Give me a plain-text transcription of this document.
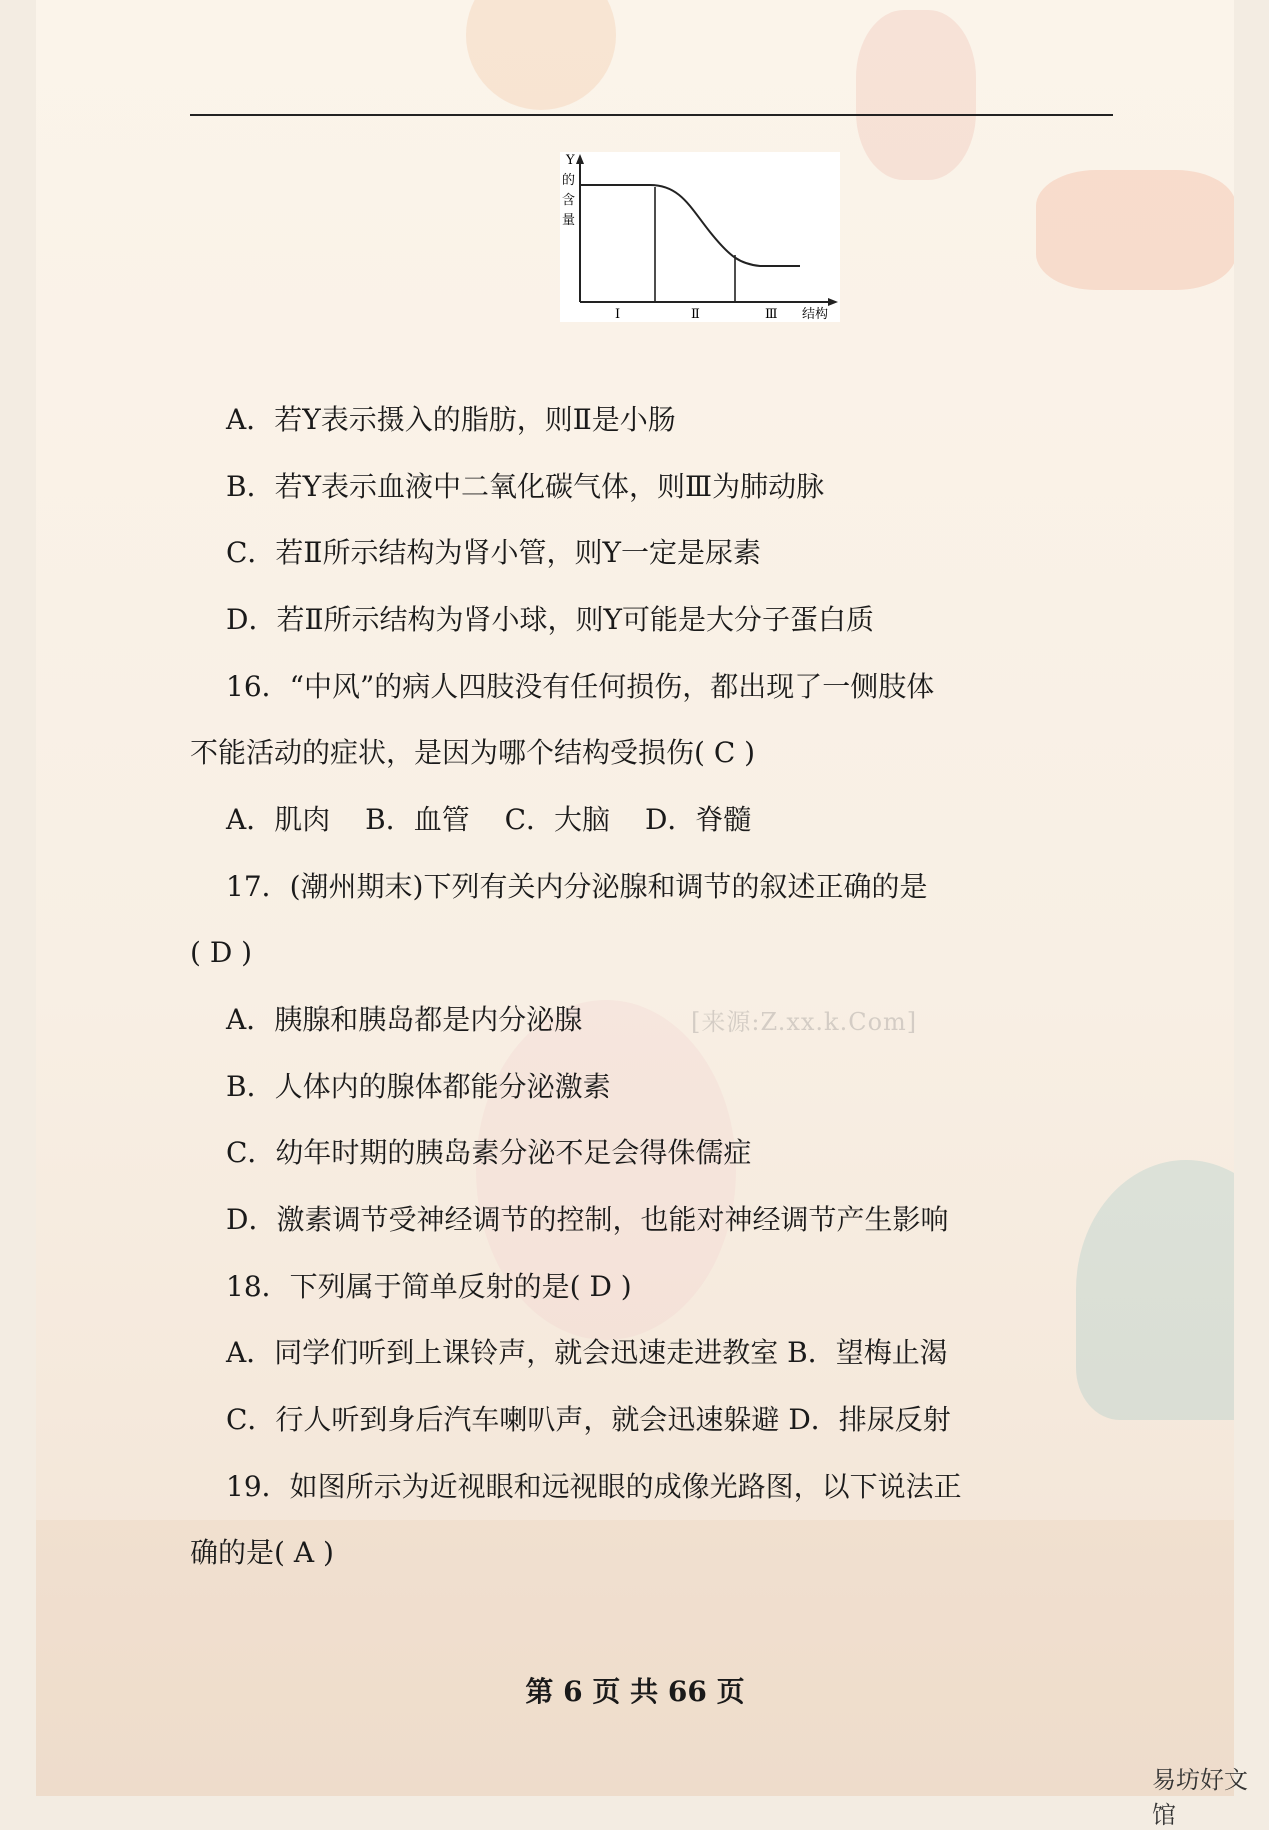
Y
的
含
量
Ⅰ	Ⅱ	Ⅲ 结构
A．若Y表示摄入的脂肪，则Ⅱ是小肠
B．若Y表示血液中二氧化碳气体，则Ⅲ为肺动脉
C．若Ⅱ所示结构为肾小管，则Y一定是尿素
D．若Ⅱ所示结构为肾小球，则Y可能是大分子蛋白质
16．“中风”的病人四肢没有任何损伤，都出现了一侧肢体
不能活动的症状，是因为哪个结构受损伤( C )
A．肌肉 B．血管 C．大脑 D．脊髓
17．(潮州期末)下列有关内分泌腺和调节的叙述正确的是
( D )
A．胰腺和胰岛都是内分泌腺	[来源:Z.xx.k.Com]
B．人体内的腺体都能分泌激素
C．幼年时期的胰岛素分泌不足会得侏儒症
D．激素调节受神经调节的控制，也能对神经调节产生影响
18．下列属于简单反射的是( D )
A．同学们听到上课铃声，就会迅速走进教室 B．望梅止渴
C．行人听到身后汽车喇叭声，就会迅速躲避 D．排尿反射
19．如图所示为近视眼和远视眼的成像光路图，以下说法正
确的是( A )
第 6 页 共 66 页
易坊好文馆
